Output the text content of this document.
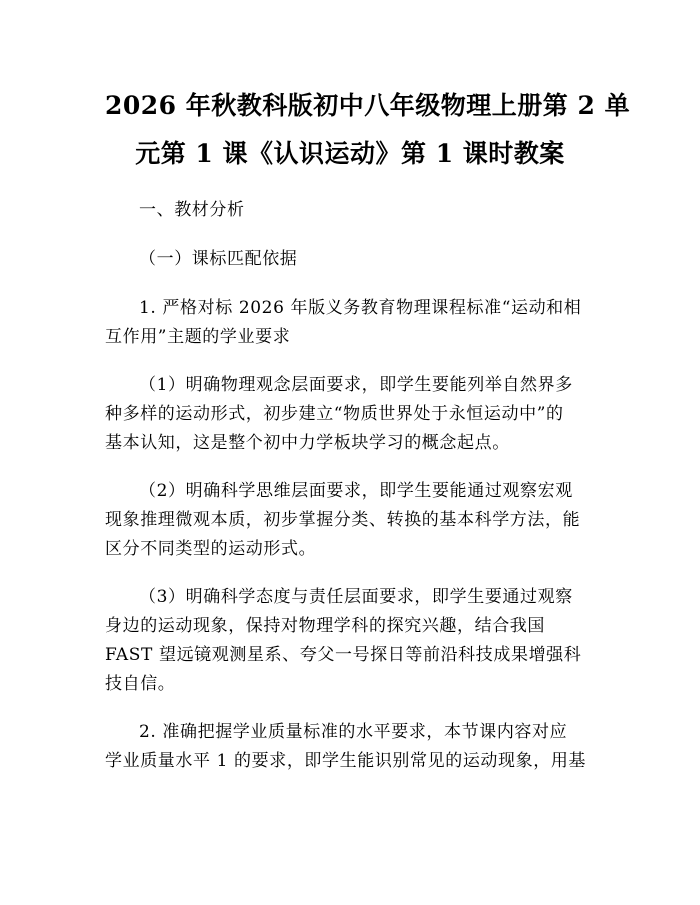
2026 年秋教科版初中八年级物理上册第 2 单
元第 1 课《认识运动》第 1 课时教案

一、教材分析

（一）课标匹配依据

1. 严格对标 2026 年版义务教育物理课程标准“运动和相
互作用”主题的学业要求

（1）明确物理观念层面要求，即学生要能列举自然界多
种多样的运动形式，初步建立“物质世界处于永恒运动中”的
基本认知，这是整个初中力学板块学习的概念起点。

（2）明确科学思维层面要求，即学生要能通过观察宏观
现象推理微观本质，初步掌握分类、转换的基本科学方法，能
区分不同类型的运动形式。

（3）明确科学态度与责任层面要求，即学生要通过观察
身边的运动现象，保持对物理学科的探究兴趣，结合我国
FAST 望远镜观测星系、夸父一号探日等前沿科技成果增强科
技自信。

2. 准确把握学业质量标准的水平要求，本节课内容对应
学业质量水平 1 的要求，即学生能识别常见的运动现象，用基
